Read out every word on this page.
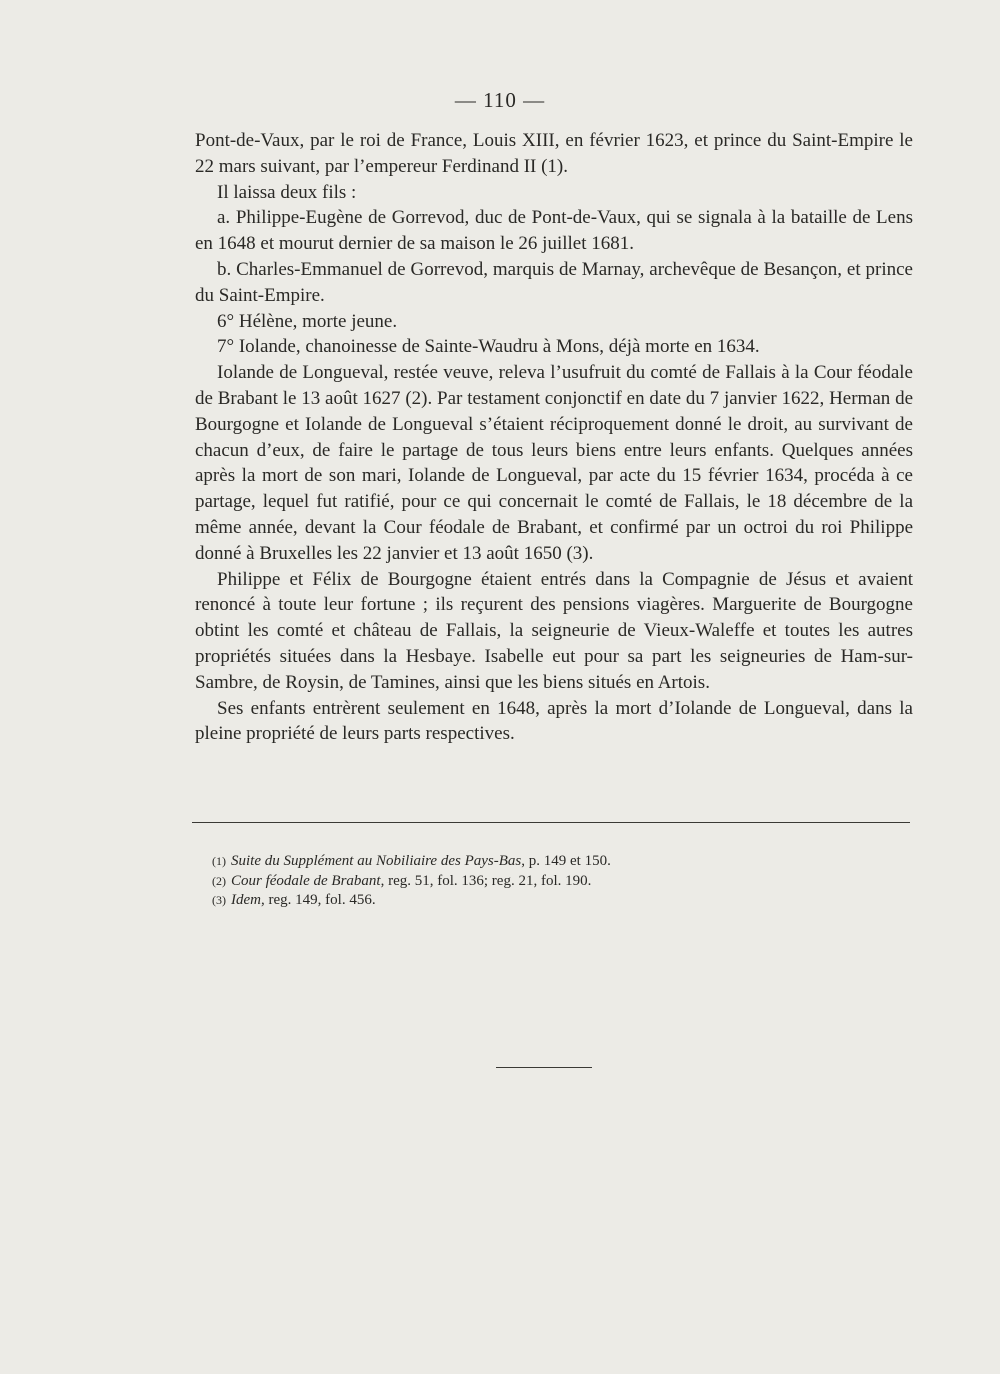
— 110 —

Pont-de-Vaux, par le roi de France, Louis XIII, en février 1623, et prince du Saint-Empire le 22 mars suivant, par l’empereur Ferdinand II (1).

Il laissa deux fils :

a. Philippe-Eugène de Gorrevod, duc de Pont-de-Vaux, qui se signala à la bataille de Lens en 1648 et mourut dernier de sa maison le 26 juillet 1681.

b. Charles-Emmanuel de Gorrevod, marquis de Marnay, archevêque de Besançon, et prince du Saint-Empire.

6° Hélène, morte jeune.

7° Iolande, chanoinesse de Sainte-Waudru à Mons, déjà morte en 1634.

Iolande de Longueval, restée veuve, releva l’usufruit du comté de Fallais à la Cour féodale de Brabant le 13 août 1627 (2). Par testament conjonctif en date du 7 janvier 1622, Herman de Bourgogne et Iolande de Longueval s’étaient réciproquement donné le droit, au survivant de chacun d’eux, de faire le partage de tous leurs biens entre leurs enfants. Quelques années après la mort de son mari, Iolande de Longueval, par acte du 15 février 1634, procéda à ce partage, lequel fut ratifié, pour ce qui concernait le comté de Fallais, le 18 décembre de la même année, devant la Cour féodale de Brabant, et confirmé par un octroi du roi Philippe donné à Bruxelles les 22 janvier et 13 août 1650 (3).

Philippe et Félix de Bourgogne étaient entrés dans la Compagnie de Jésus et avaient renoncé à toute leur fortune ; ils reçurent des pensions viagères. Marguerite de Bourgogne obtint les comté et château de Fallais, la seigneurie de Vieux-Waleffe et toutes les autres propriétés situées dans la Hesbaye. Isabelle eut pour sa part les seigneuries de Ham-sur-Sambre, de Roysin, de Tamines, ainsi que les biens situés en Artois.

Ses enfants entrèrent seulement en 1648, après la mort d’Iolande de Longueval, dans la pleine propriété de leurs parts respectives.

(1) Suite du Supplément au Nobiliaire des Pays-Bas, p. 149 et 150.
(2) Cour féodale de Brabant, reg. 51, fol. 136; reg. 21, fol. 190.
(3) Idem, reg. 149, fol. 456.
